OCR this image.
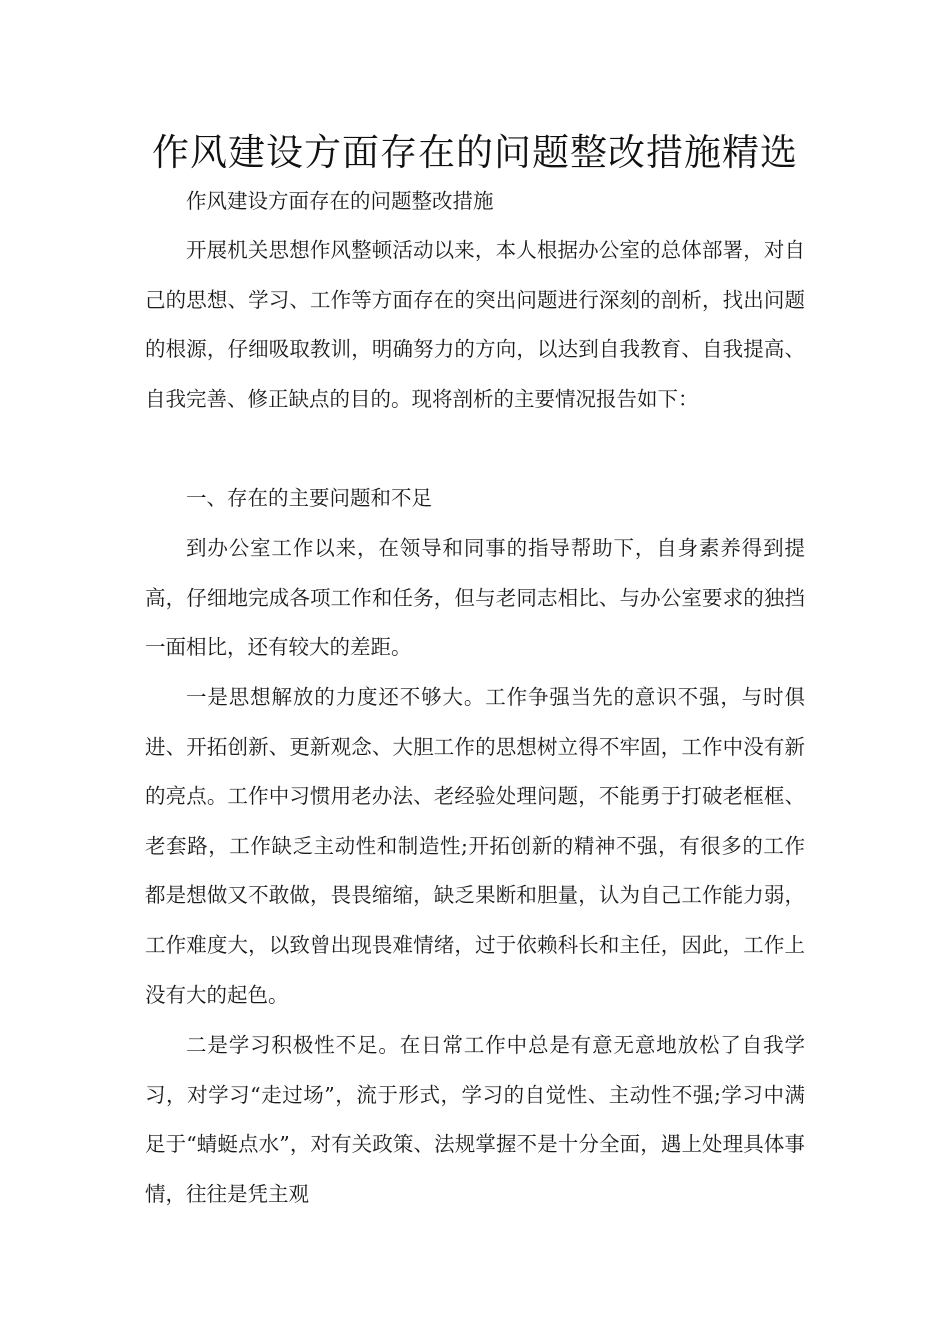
作风建设方面存在的问题整改措施精选

作风建设方面存在的问题整改措施

开展机关思想作风整顿活动以来，本人根据办公室的总体部署，对自己的思想、学习、工作等方面存在的突出问题进行深刻的剖析，找出问题的根源，仔细吸取教训，明确努力的方向，以达到自我教育、自我提高、自我完善、修正缺点的目的。现将剖析的主要情况报告如下：

一、存在的主要问题和不足

到办公室工作以来，在领导和同事的指导帮助下，自身素养得到提高，仔细地完成各项工作和任务，但与老同志相比、与办公室要求的独挡一面相比，还有较大的差距。

一是思想解放的力度还不够大。工作争强当先的意识不强，与时俱进、开拓创新、更新观念、大胆工作的思想树立得不牢固，工作中没有新的亮点。工作中习惯用老办法、老经验处理问题，不能勇于打破老框框、老套路，工作缺乏主动性和制造性;开拓创新的精神不强，有很多的工作都是想做又不敢做，畏畏缩缩，缺乏果断和胆量，认为自己工作能力弱，工作难度大，以致曾出现畏难情绪，过于依赖科长和主任，因此，工作上没有大的起色。

二是学习积极性不足。在日常工作中总是有意无意地放松了自我学习，对学习“走过场”，流于形式，学习的自觉性、主动性不强;学习中满足于“蜻蜓点水”，对有关政策、法规掌握不是十分全面，遇上处理具体事情，往往是凭主观
